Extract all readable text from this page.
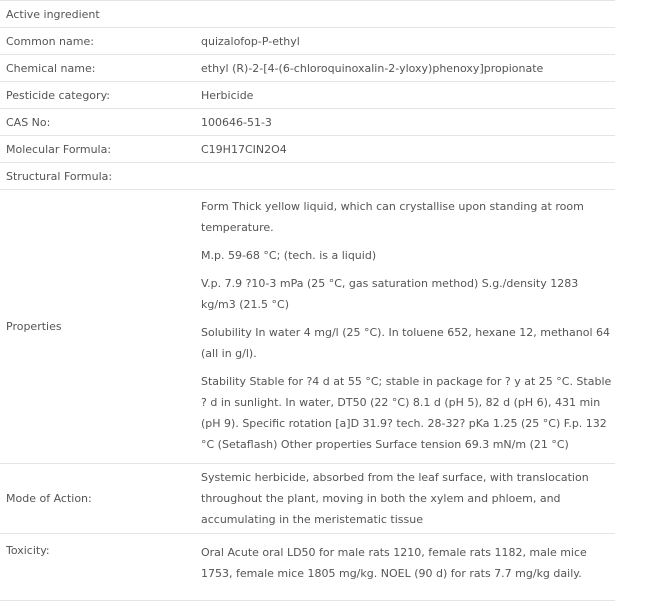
Active ingredient	
Common name:	quizalofop-P-ethyl
Chemical name:	ethyl (R)-2-[4-(6-chloroquinoxalin-2-yloxy)phenoxy]propionate
Pesticide category:	Herbicide
CAS No:	100646-51-3
Molecular Formula:	C19H17CIN2O4
Structural Formula:	
Properties	Form Thick yellow liquid, which can crystallise upon standing at room temperature.

M.p. 59-68 °C; (tech. is a liquid)

V.p. 7.9 ?10-3 mPa (25 °C, gas saturation method) S.g./density 1283 kg/m3 (21.5 °C)

Solubility In water 4 mg/l (25 °C). In toluene 652, hexane 12, methanol 64 (all in g/l).

Stability Stable for ?4 d at 55 °C; stable in package for ? y at 25 °C. Stable ? d in sunlight. In water, DT50 (22 °C) 8.1 d (pH 5), 82 d (pH 6), 431 min (pH 9). Specific rotation [a]D 31.9? tech. 28-32? pKa 1.25 (25 °C) F.p. 132 °C (Setaflash) Other properties Surface tension 69.3 mN/m (21 °C)

Mode of Action:	Systemic herbicide, absorbed from the leaf surface, with translocation throughout the plant, moving in both the xylem and phloem, and accumulating in the meristematic tissue
Toxicity:	Oral Acute oral LD50 for male rats 1210, female rats 1182, male mice 1753, female mice 1805 mg/kg. NOEL (90 d) for rats 7.7 mg/kg daily.
